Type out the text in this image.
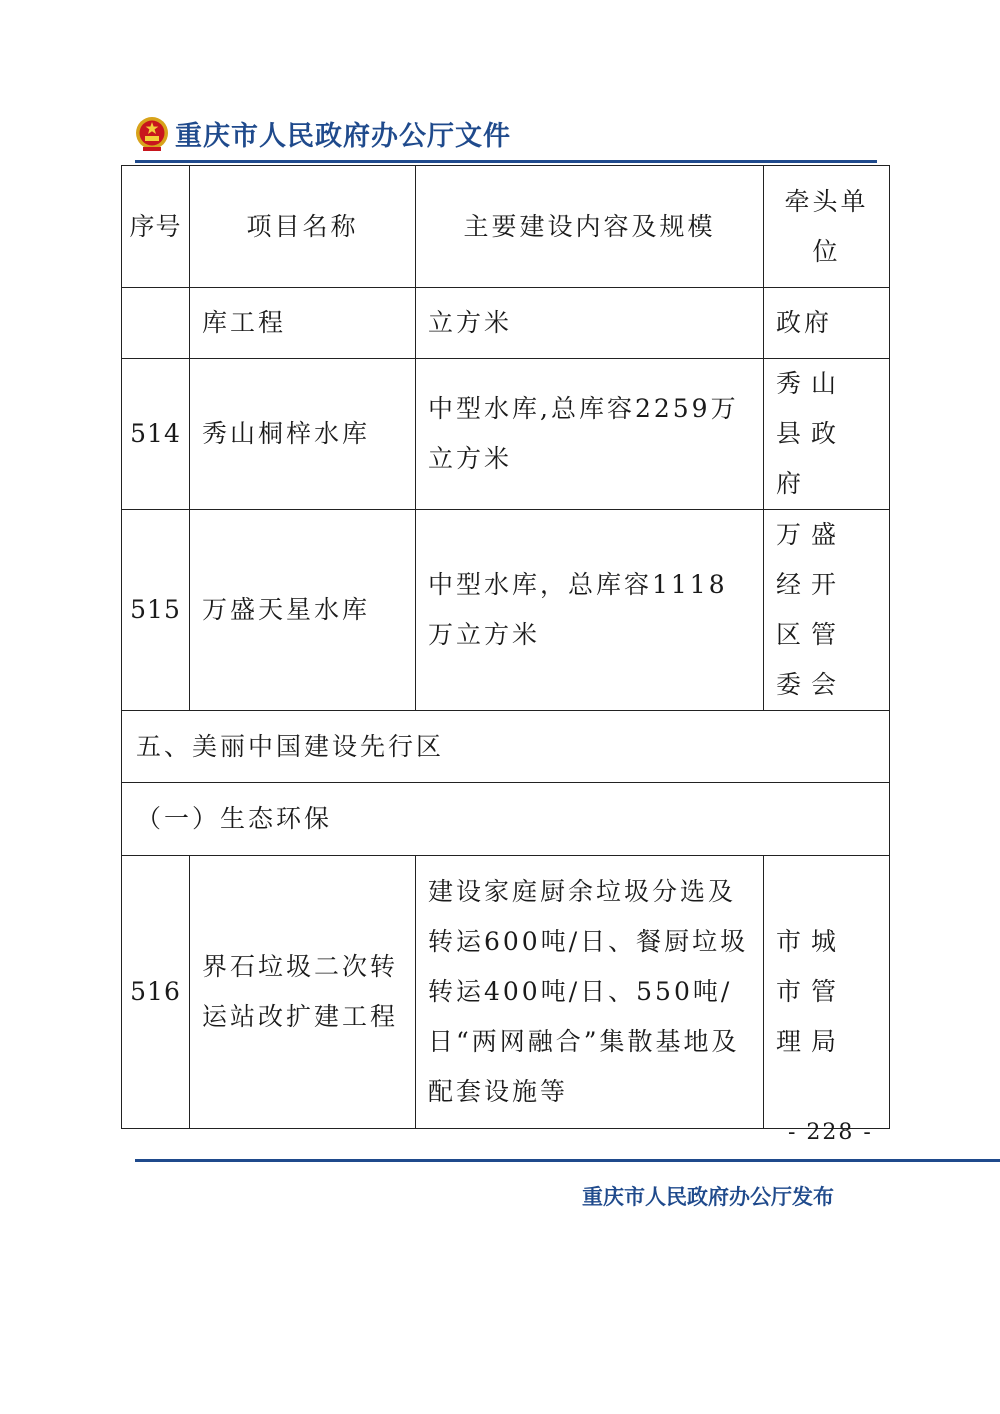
重庆市人民政府办公厅文件
序号	项目名称	主要建设内容及规模	牵头单位
	库工程	立方米	政府
514	秀山桐梓水库	中型水库,总库容2259万立方米	秀山县政府
515	万盛天星水库	中型水库，总库容1118万立方米	万盛经开区管委会
五、美丽中国建设先行区			
（一）生态环保			
516	界石垃圾二次转运站改扩建工程	建设家庭厨余垃圾分选及转运600吨/日、餐厨垃圾转运400吨/日、550吨/日“两网融合”集散基地及配套设施等	市城市管理局
- 228 -
重庆市人民政府办公厅发布
